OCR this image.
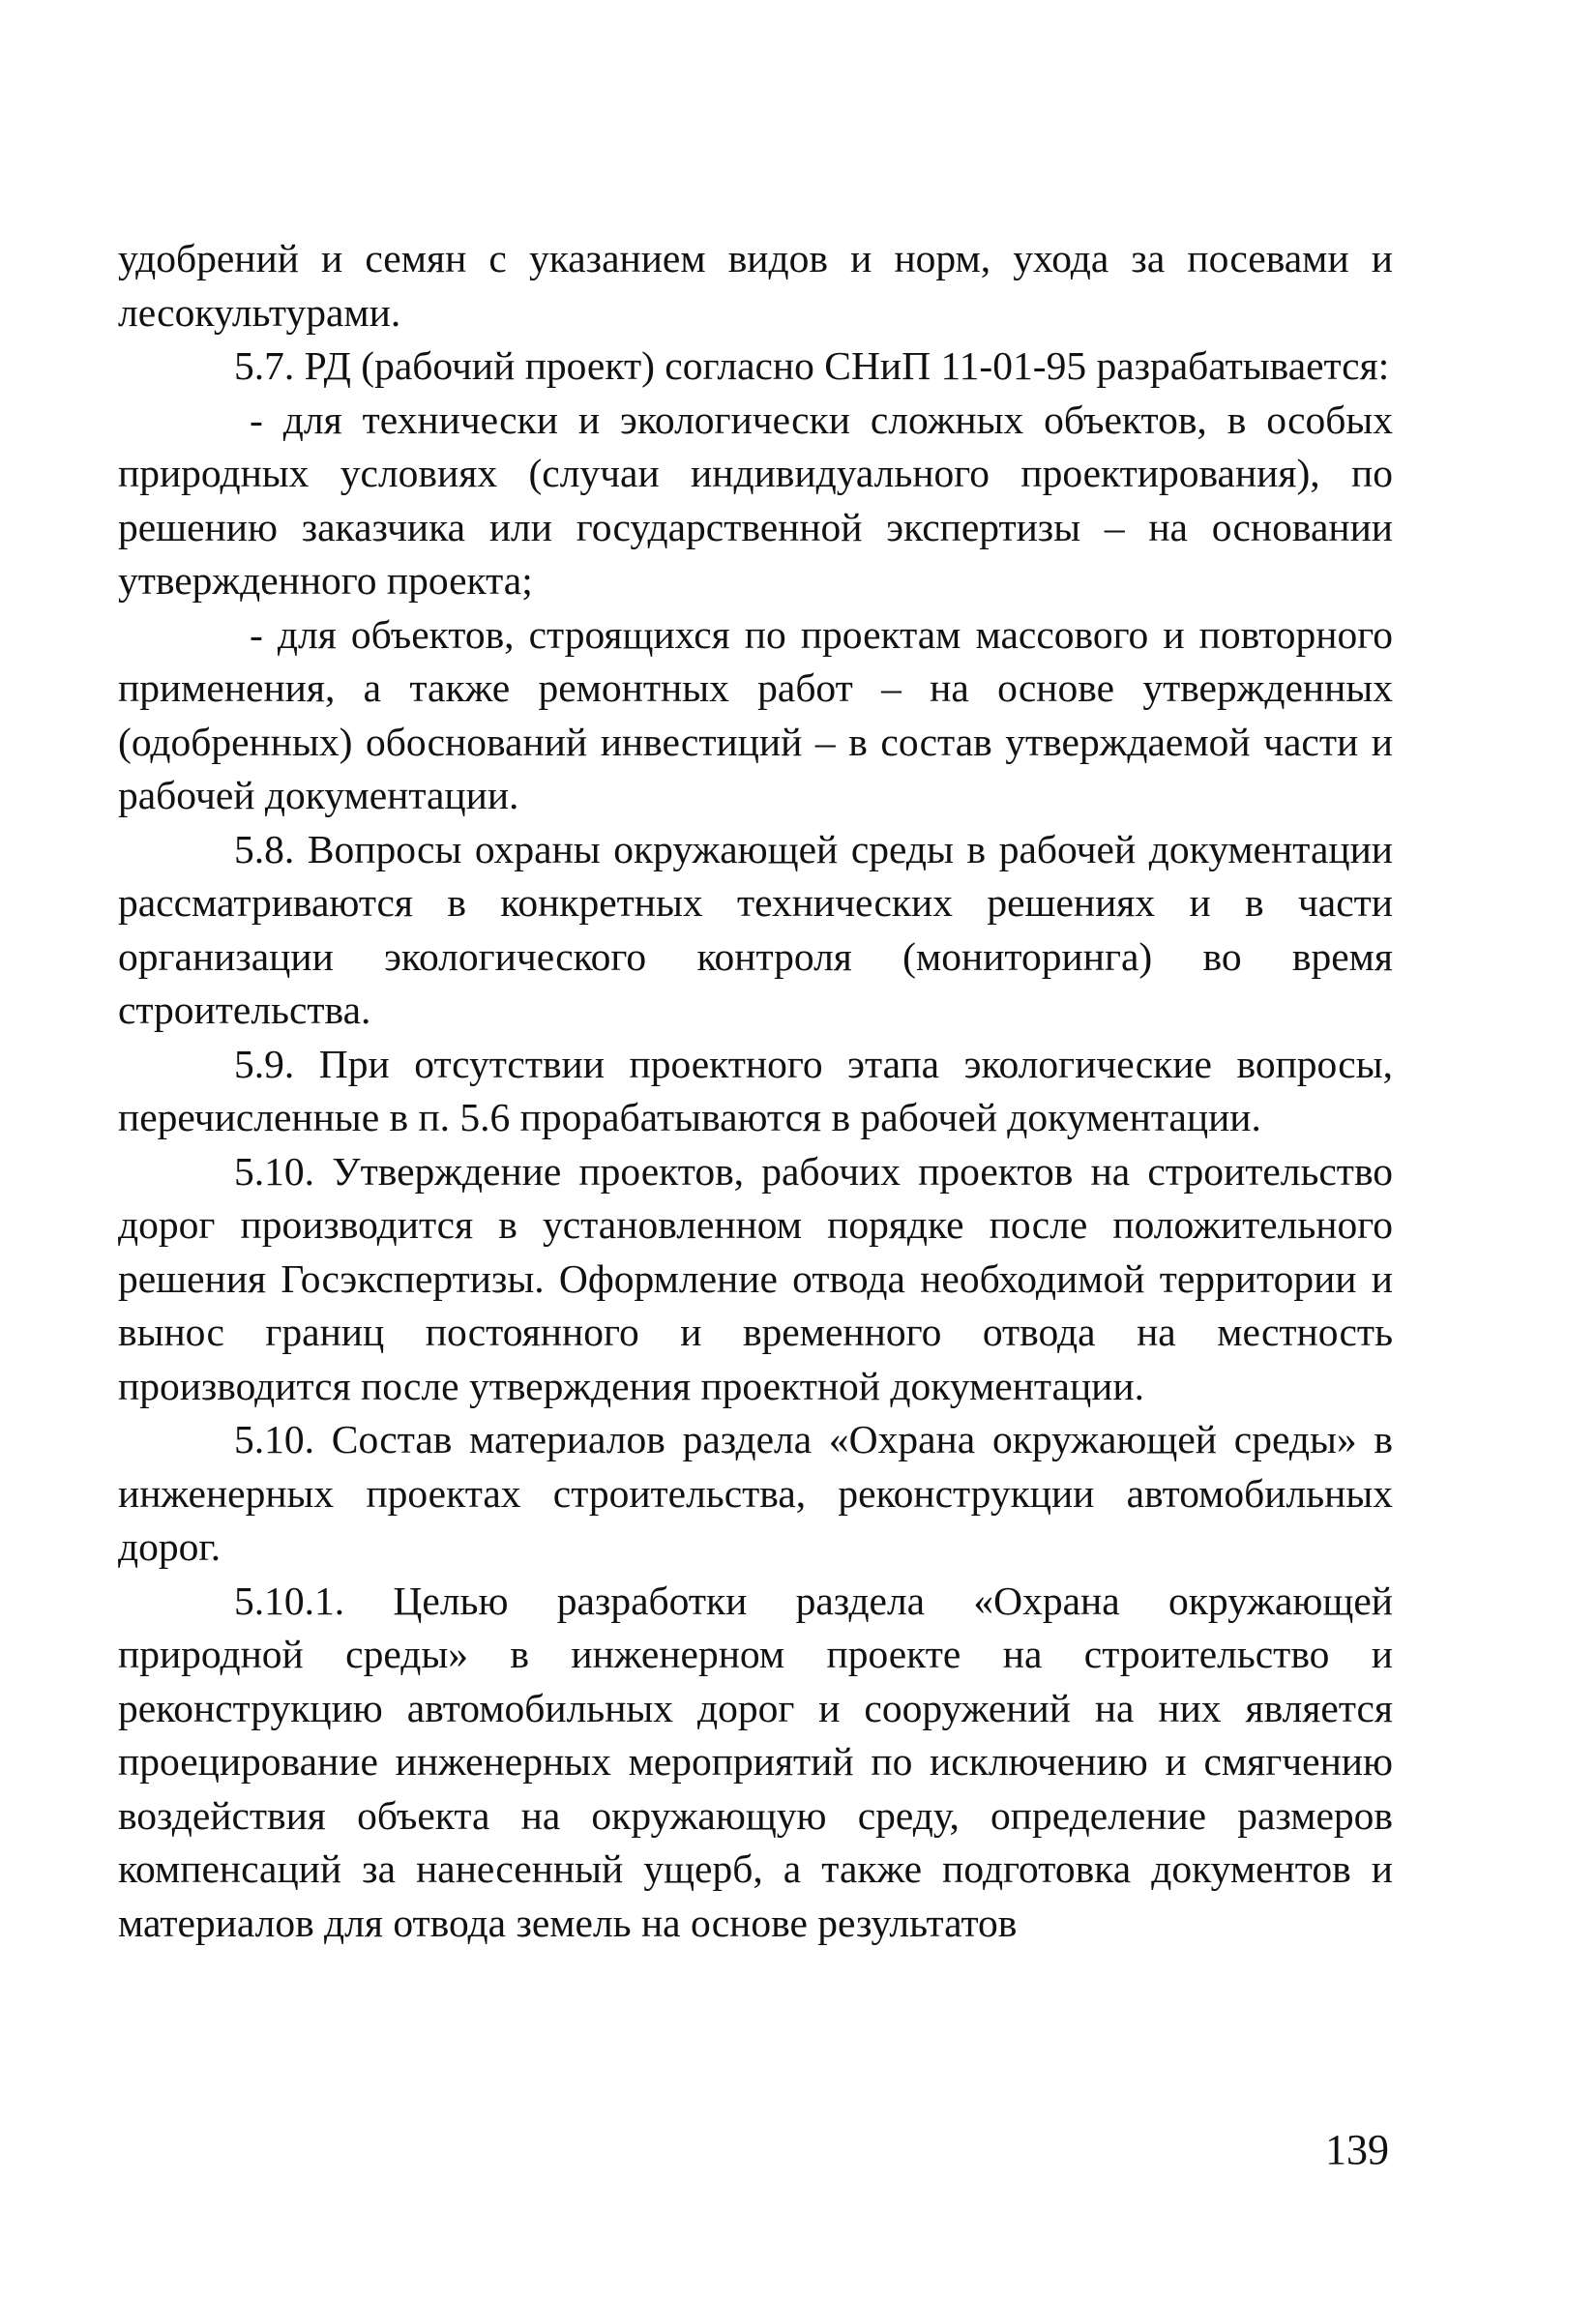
удобрений и семян с указанием видов и норм, ухода за посевами и лесокультурами.

5.7. РД (рабочий проект) согласно СНиП 11-01-95 разрабатывается:

- для технически и экологически сложных объектов, в особых природных условиях (случаи индивидуального проектирования), по решению заказчика или государственной экспертизы – на основании утвержденного проекта;

- для объектов, строящихся по проектам массового и повторного применения, а также ремонтных работ – на основе утвержденных (одобренных) обоснований инвестиций – в состав утверждаемой части и рабочей документации.

5.8. Вопросы охраны окружающей среды в рабочей документации рассматриваются в конкретных технических решениях и в части организации экологического контроля (мониторинга) во время строительства.

5.9. При отсутствии проектного этапа экологические вопросы, перечисленные в п. 5.6 прорабатываются в рабочей документации.

5.10. Утверждение проектов, рабочих проектов на строительство дорог производится в установленном порядке после положительного решения Госэкспертизы. Оформление отвода необходимой территории и вынос границ постоянного и временного отвода на местность производится после утверждения проектной документации.

5.10. Состав материалов раздела «Охрана окружающей среды» в инженерных проектах строительства, реконструкции автомобильных дорог.

5.10.1. Целью разработки раздела «Охрана окружающей природной среды» в инженерном проекте на строительство и реконструкцию автомобильных дорог и сооружений на них является проецирование инженерных мероприятий по исключению и смягчению воздействия объекта на окружающую среду, определение размеров компенсаций за нанесенный ущерб, а также подготовка документов и материалов для отвода земель на основе результатов

139
